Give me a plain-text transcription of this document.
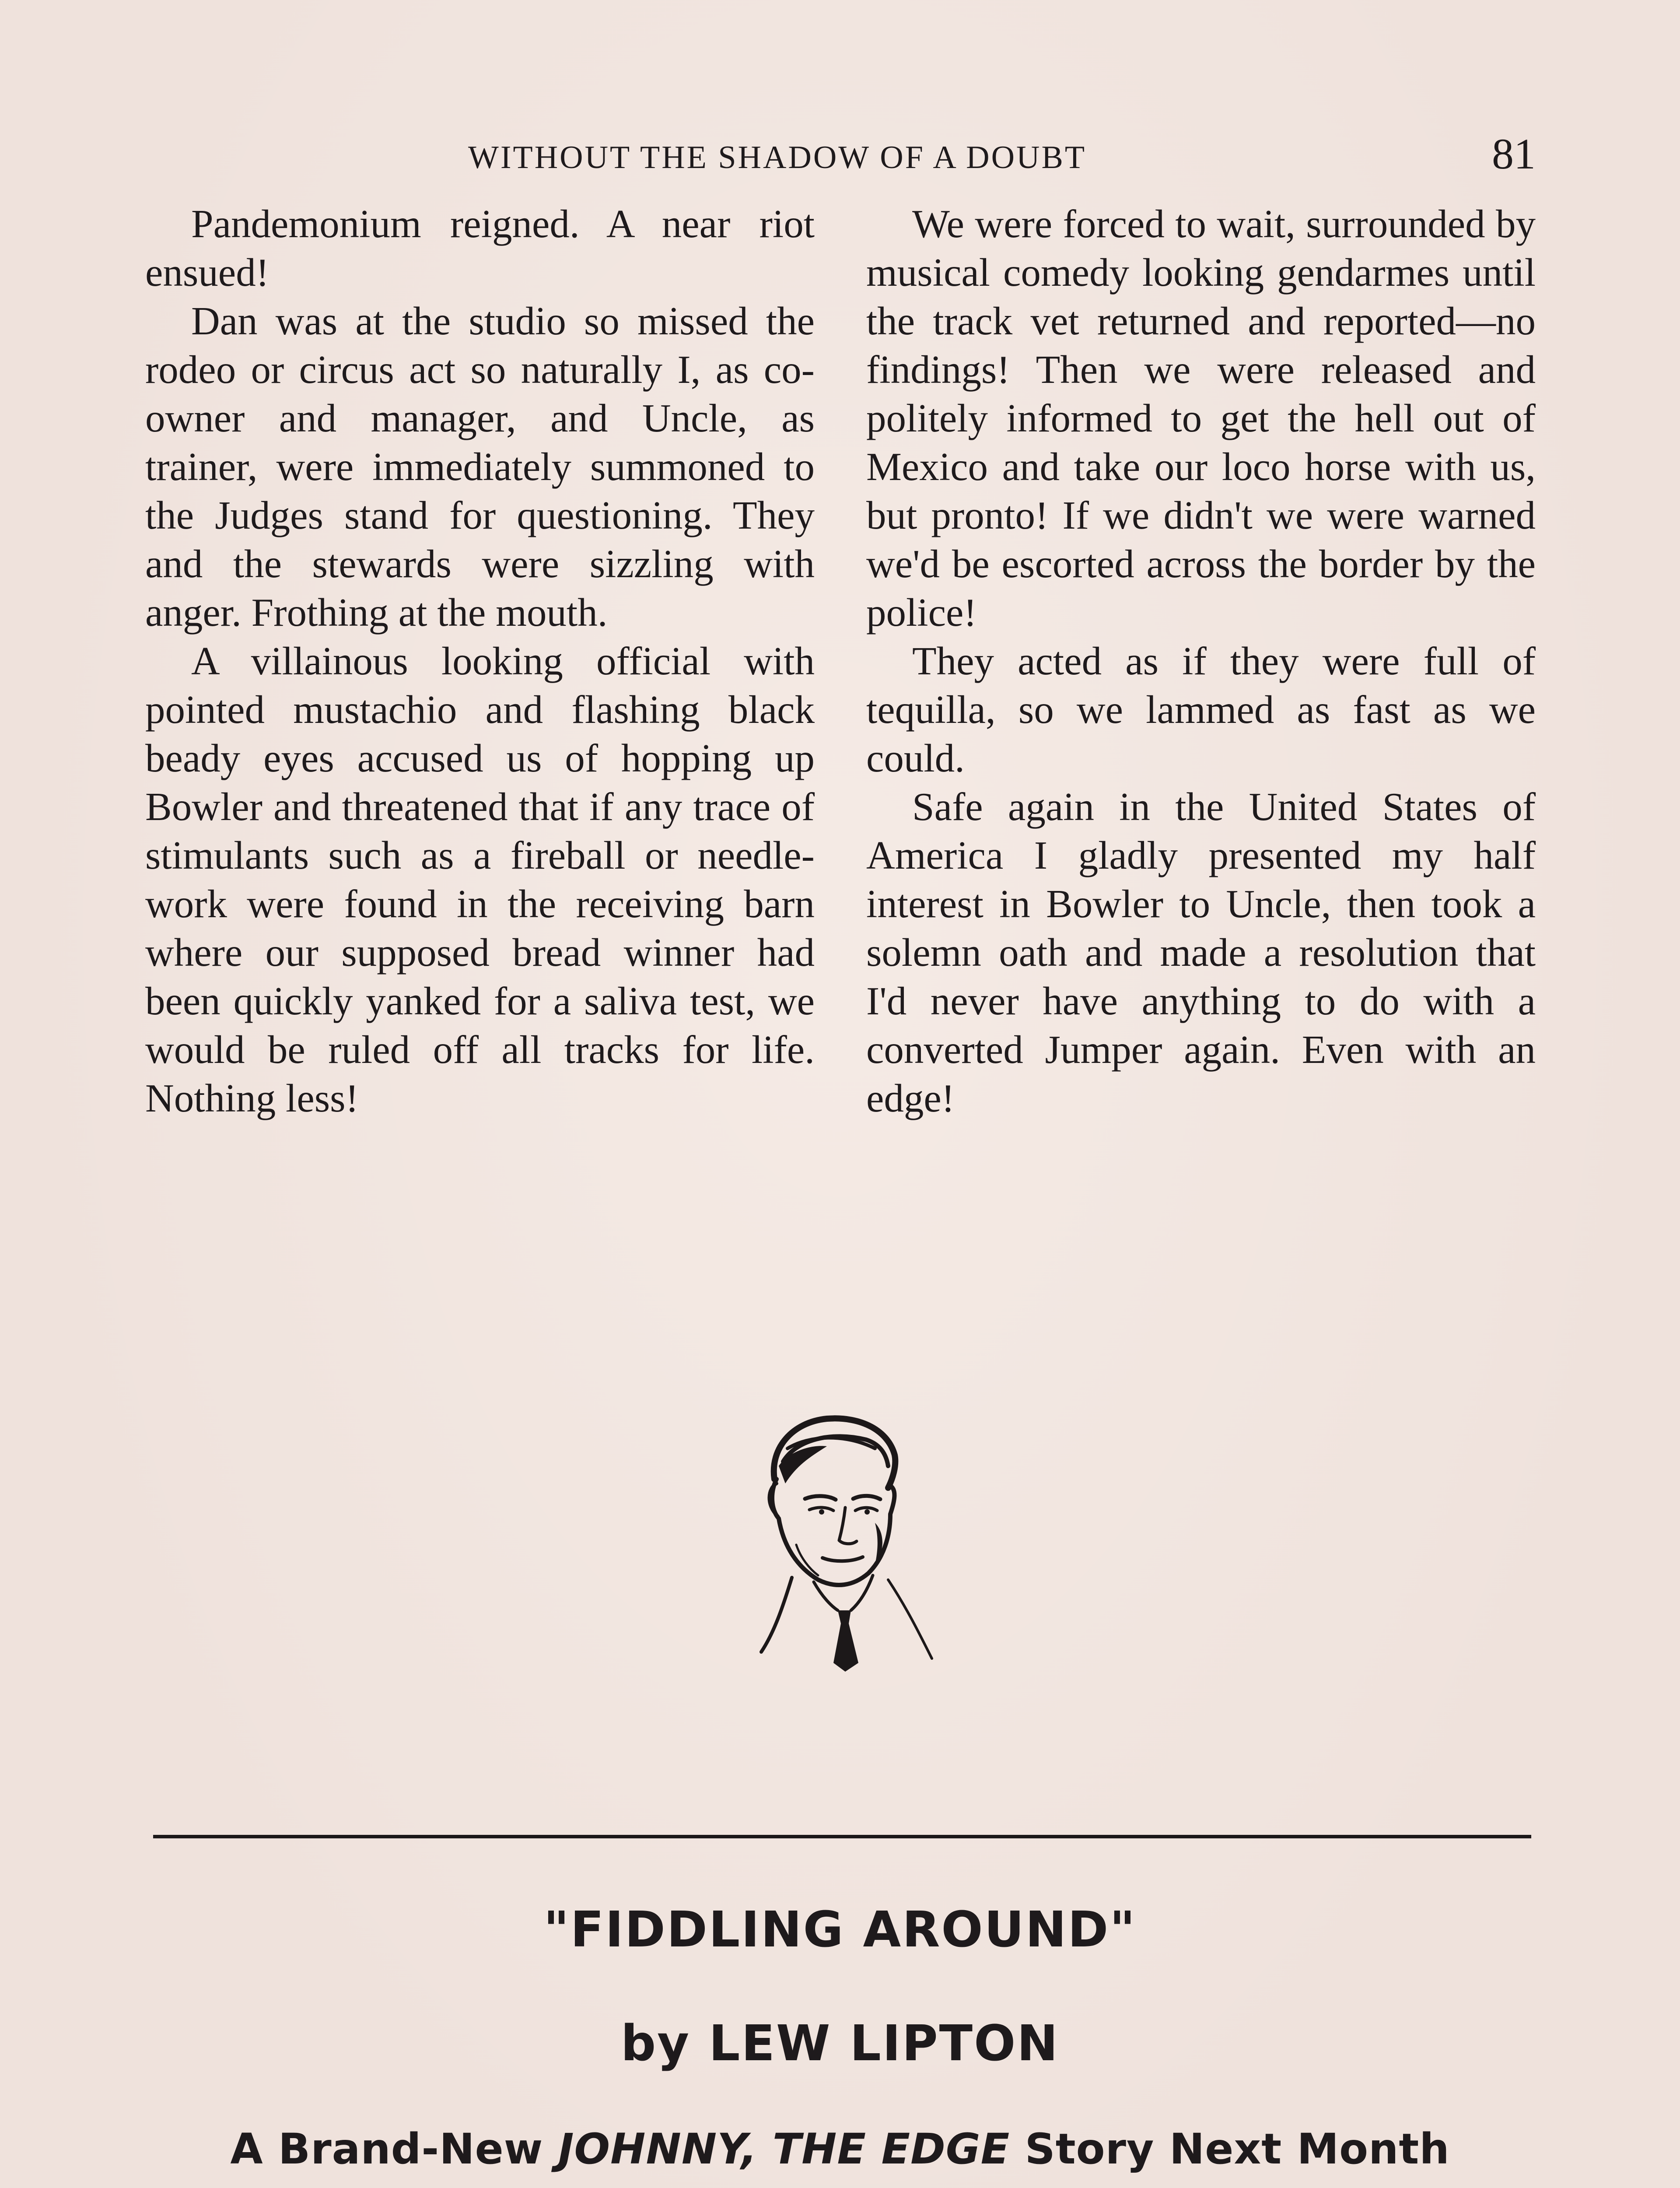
WITHOUT THE SHADOW OF A DOUBT	81

Pandemonium reigned. A near riot ensued!

Dan was at the studio so missed the rodeo or circus act so naturally I, as co-owner and manager, and Uncle, as trainer, were immediately summoned to the Judges stand for questioning. They and the stewards were sizzling with anger. Frothing at the mouth.

A villainous looking official with pointed mustachio and flashing black beady eyes accused us of hopping up Bowler and threatened that if any trace of stimulants such as a fireball or needle-work were found in the receiving barn where our supposed bread winner had been quickly yanked for a saliva test, we would be ruled off all tracks for life. Nothing less!

We were forced to wait, surrounded by musical comedy looking gendarmes until the track vet returned and reported—no findings! Then we were released and politely informed to get the hell out of Mexico and take our loco horse with us, but pronto! If we didn't we were warned we'd be escorted across the border by the police!

They acted as if they were full of tequilla, so we lammed as fast as we could.

Safe again in the United States of America I gladly presented my half interest in Bowler to Uncle, then took a solemn oath and made a resolution that I'd never have anything to do with a converted Jumper again. Even with an edge!

"FIDDLING AROUND"
by LEW LIPTON
A Brand-New JOHNNY, THE EDGE Story Next Month
